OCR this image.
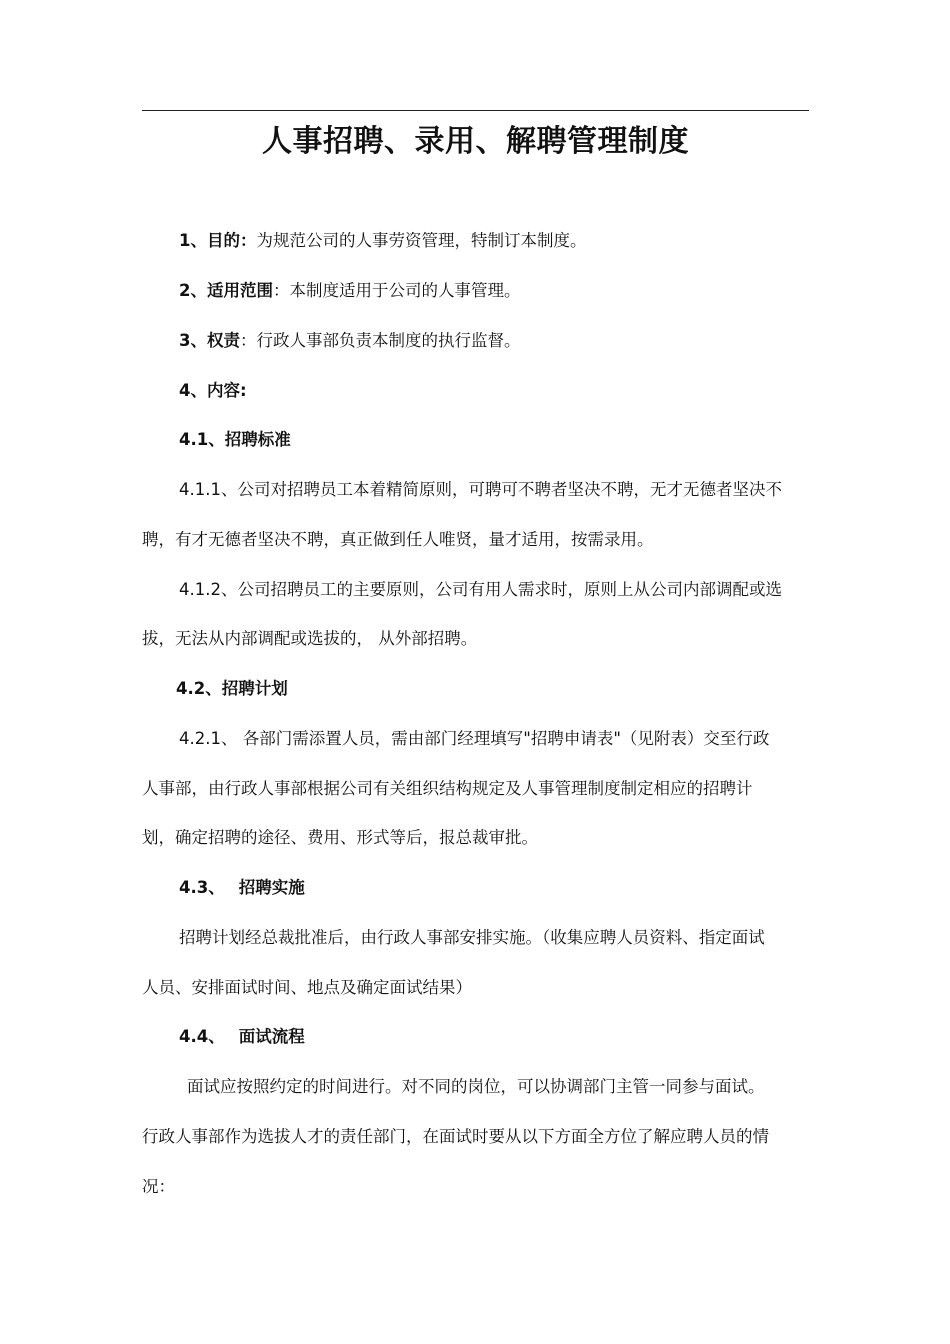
人事招聘、录用、解聘管理制度
1、目的：为规范公司的人事劳资管理，特制订本制度。
2、适用范围：本制度适用于公司的人事管理。
3、权责：行政人事部负责本制度的执行监督。
4、内容:
4.1、招聘标准
4.1.1、公司对招聘员工本着精简原则，可聘可不聘者坚决不聘，无才无德者坚决不
聘，有才无德者坚决不聘，真正做到任人唯贤，量才适用，按需录用。
4.1.2、公司招聘员工的主要原则，公司有用人需求时，原则上从公司内部调配或选
拔，无法从内部调配或选拔的， 从外部招聘。
4.2、招聘计划
4.2.1、 各部门需添置人员，需由部门经理填写"招聘申请表"（见附表）交至行政
人事部，由行政人事部根据公司有关组织结构规定及人事管理制度制定相应的招聘计
划，确定招聘的途径、费用、形式等后，报总裁审批。
4.3、 招聘实施
招聘计划经总裁批准后，由行政人事部安排实施。（收集应聘人员资料、指定面试
人员、安排面试时间、地点及确定面试结果）
4.4、 面试流程
面试应按照约定的时间进行。对不同的岗位，可以协调部门主管一同参与面试。
行政人事部作为选拔人才的责任部门，在面试时要从以下方面全方位了解应聘人员的情
况：
